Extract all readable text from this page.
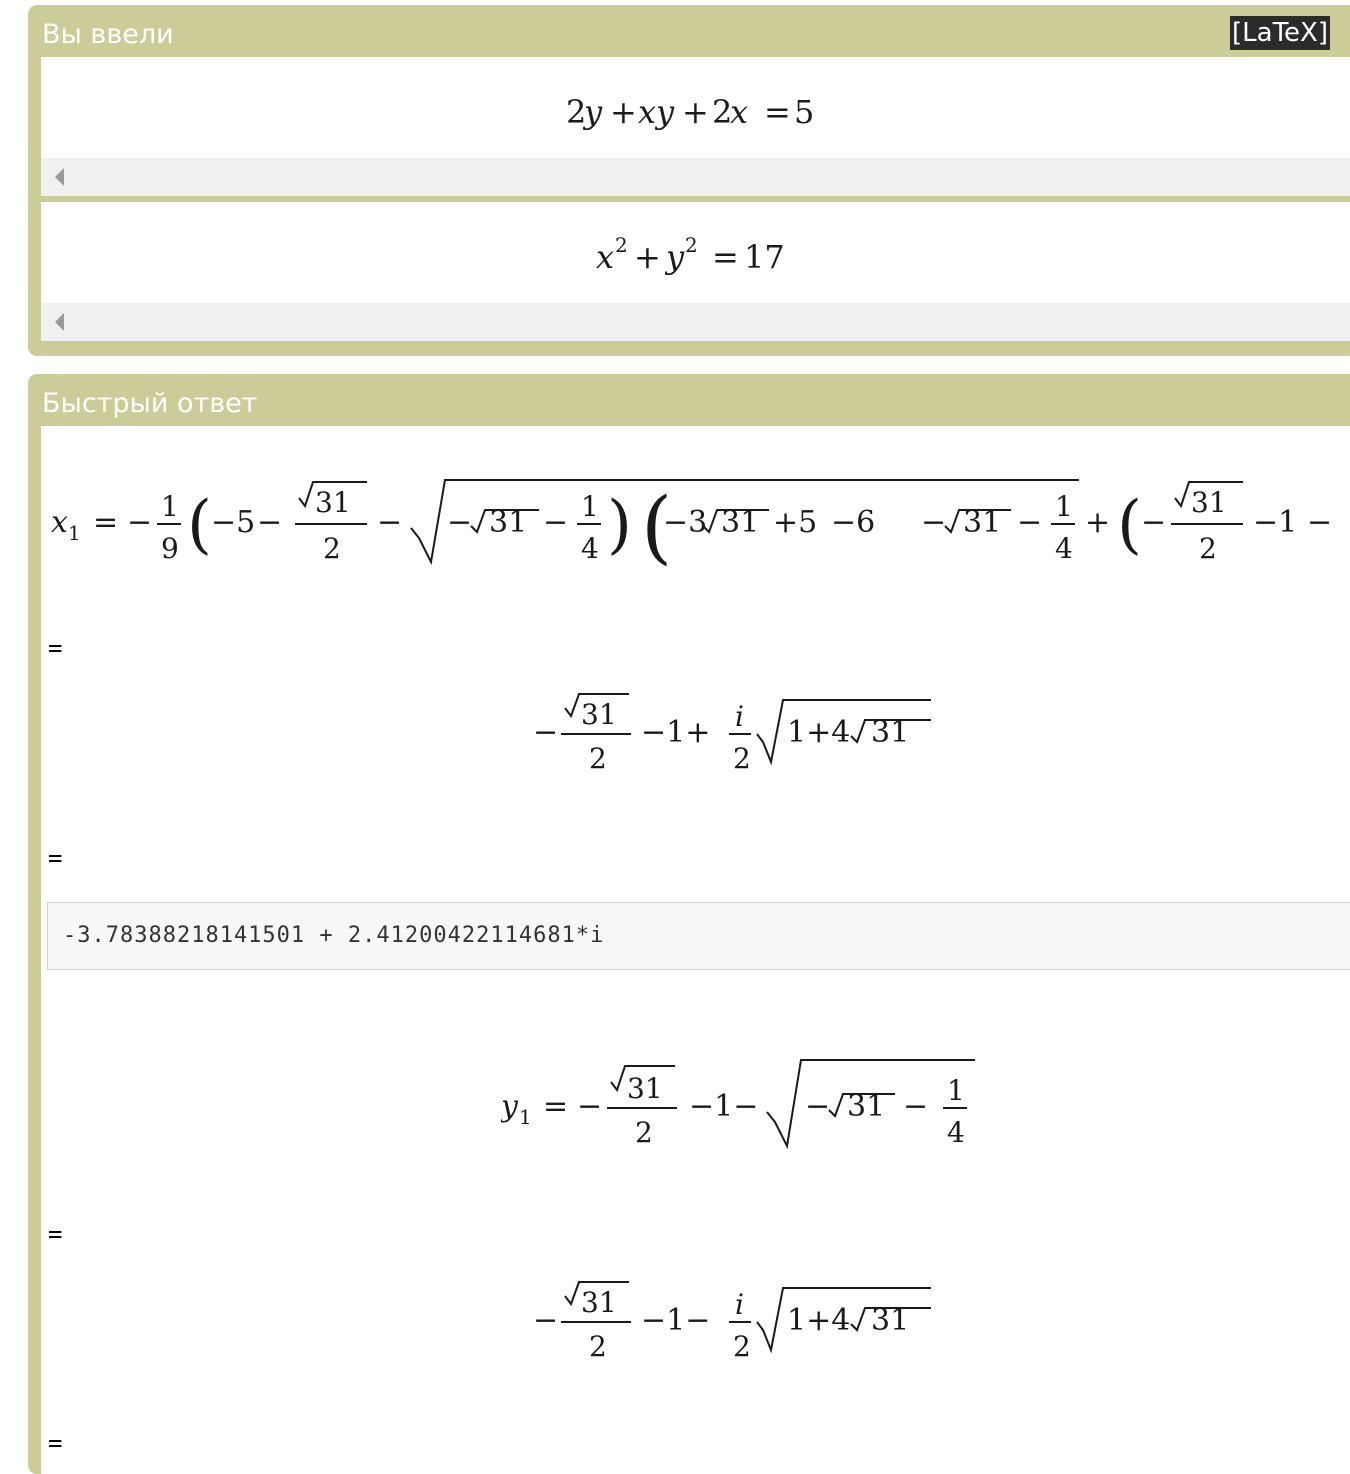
Вы ввели	[LaTeX]
2
y + xy + 2
x = 5
x 2 + y 2 = 17
Быстрый ответ
x 1 = − 1
9 ( −5 −
31
2
− − 31 − 1
4 ) (
−3 31 +5 −6 − 31 − 1
4
+ ( −
31
2
−1 −
=
−
31
2
−1+ i
2
1+4 31
=
-3.78388218141501 + 2.41200422114681*i
y 1 = −
31
2
−1− − 31 − 1
4
=
−
31
2
−1− i
2
1+4 31
=
